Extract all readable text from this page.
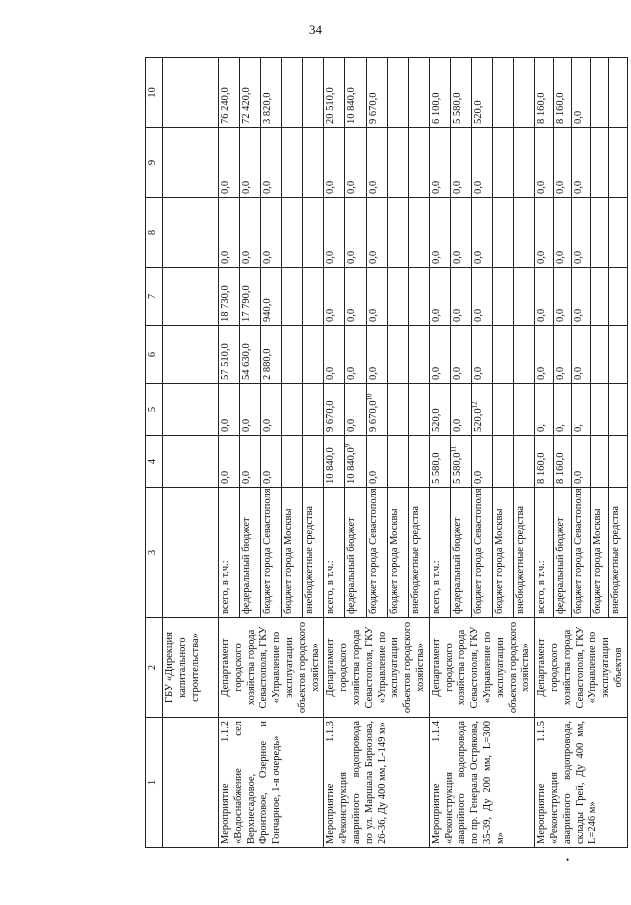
34
1	2	3	4	5	6	7	8	9	10
	ГБУ «Дирекция капитального строительства»								
Мероприятие 1.1.2 «Водоснабжение сел Верхнесадовое, Фронтовое, Озерное и Гончарное, 1-я очередь»	Департамент городского хозяйства города Севастополя, ГКУ «Управление по эксплуатации объектов городского хозяйства»	всего, в т.ч.:	0,0	0,0	57 510,0	18 730,0	0,0	0,0	76 240,0
		федеральный бюджет	0,0	0,0	54 630,0	17 790,0	0,0	0,0	72 420,0
		бюджет города Севастополя	0,0	0,0	2 880,0	940,0	0,0	0,0	3 820,0
		бюджет города Москвы							
		внебюджетные средства							
Мероприятие 1.1.3 «Реконструкция аварийного водопровода по ул. Маршала Бирюзова, 26-36, Ду 400 мм, L-149 м»	Департамент городского хозяйства города Севастополя, ГКУ «Управление по эксплуатации объектов городского хозяйства»	всего, в т.ч.:	10 840,0	9 670,0	0,0	0,0	0,0	0,0	20 510,0
		федеральный бюджет	10 840,0$^9$	0,0	0,0	0,0	0,0	0,0	10 840,0
		бюджет города Севастополя	0,0	9 670,0$^{10}$	0,0	0,0	0,0	0,0	9 670,0
		бюджет города Москвы							
		внебюджетные средства							
Мероприятие 1.1.4 «Реконструкция аварийного водопровода по пр. Генерала Острякова, 35-39, Ду 200 мм, L=300 м»	Департамент городского хозяйства города Севастополя, ГКУ «Управление по эксплуатации объектов городского хозяйства»	всего, в т.ч.:	5 580,0	520,0	0,0	0,0	0,0	0,0	6 100,0
		федеральный бюджет	5 580,0$^{11}$	0,0	0,0	0,0	0,0	0,0	5 580,0
		бюджет города Севастополя	0,0	520,0$^{12}$	0,0	0,0	0,0	0,0	520,0
		бюджет города Москвы							
		внебюджетные средства							
Мероприятие 1.1.5 «Реконструкция аварийного водопровода, склады Грей, Ду 400 мм, L=246 м»	Департамент городского хозяйства города Севастополя, ГКУ «Управление по эксплуатации объектов	всего, в т.ч.:	8 160,0	0,	0,0	0,0	0,0	0,0	8 160,0
		федеральный бюджет	8 160,0	0,	0,0	0,0	0,0	0,0	8 160,0
		бюджет города Севастополя	0,0	0,	0,0	0,0	0,0	0,0	0,0
		бюджет города Москвы							
		внебюджетные средства							
•
